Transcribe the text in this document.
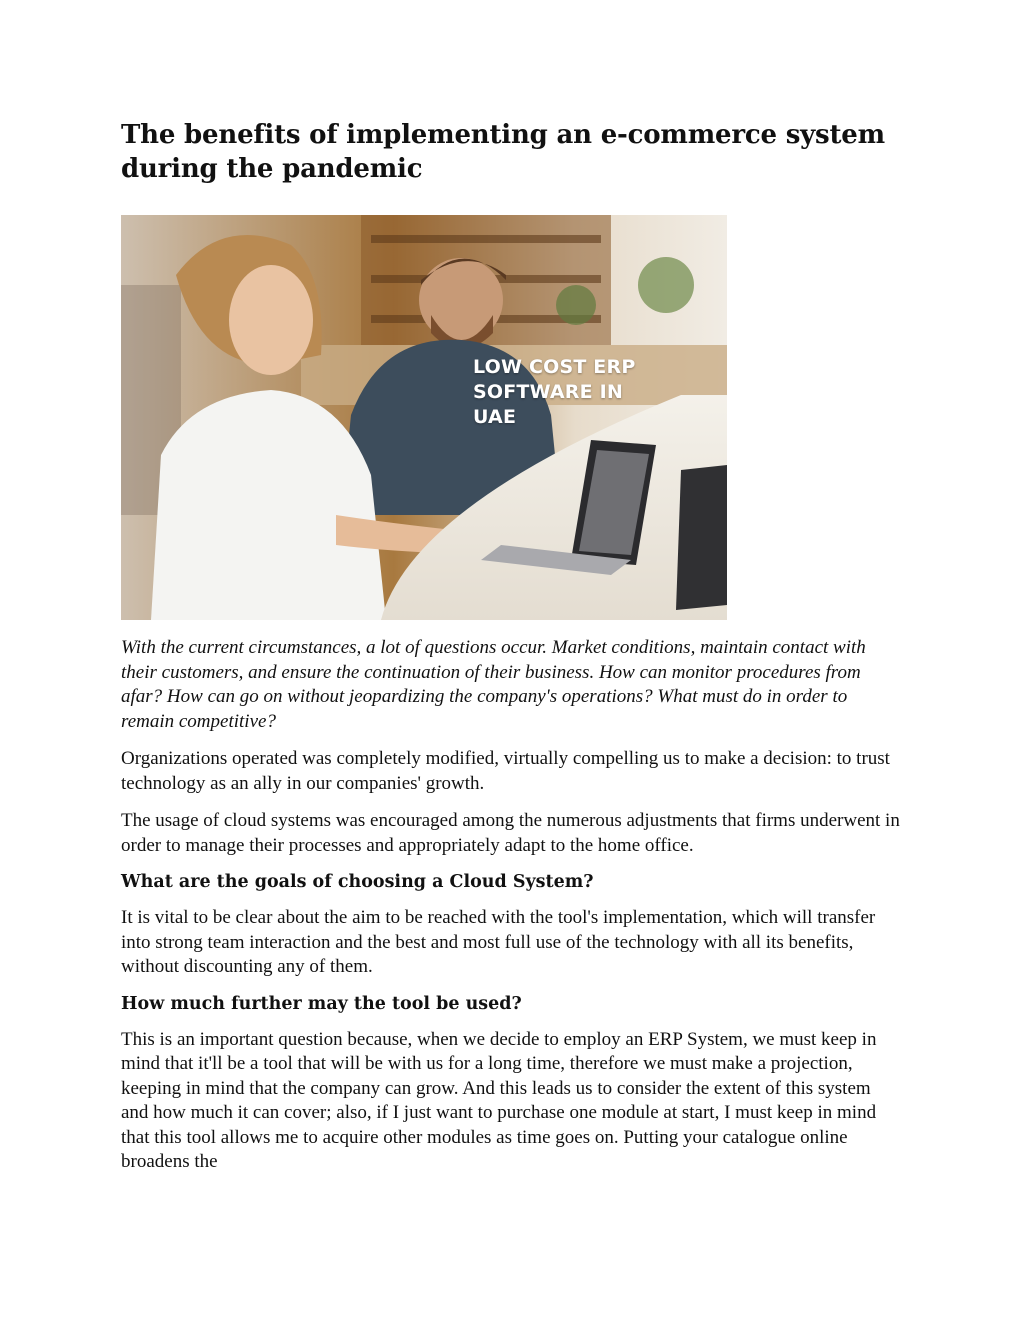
The benefits of implementing an e-commerce system during the pandemic
LOW COST ERP
SOFTWARE IN
UAE

With the current circumstances, a lot of questions occur. Market conditions, maintain contact with their customers, and ensure the continuation of their business. How can monitor procedures from afar? How can go on without jeopardizing the company's operations? What must do in order to remain competitive?

Organizations operated was completely modified, virtually compelling us to make a decision: to trust technology as an ally in our companies' growth.

The usage of cloud systems was encouraged among the numerous adjustments that firms underwent in order to manage their processes and appropriately adapt to the home office.

What are the goals of choosing a Cloud System?

It is vital to be clear about the aim to be reached with the tool's implementation, which will transfer into strong team interaction and the best and most full use of the technology with all its benefits, without discounting any of them.

How much further may the tool be used?

This is an important question because, when we decide to employ an ERP System, we must keep in mind that it'll be a tool that will be with us for a long time, therefore we must make a projection, keeping in mind that the company can grow. And this leads us to consider the extent of this system and how much it can cover; also, if I just want to purchase one module at start, I must keep in mind that this tool allows me to acquire other modules as time goes on. Putting your catalogue online broadens the
